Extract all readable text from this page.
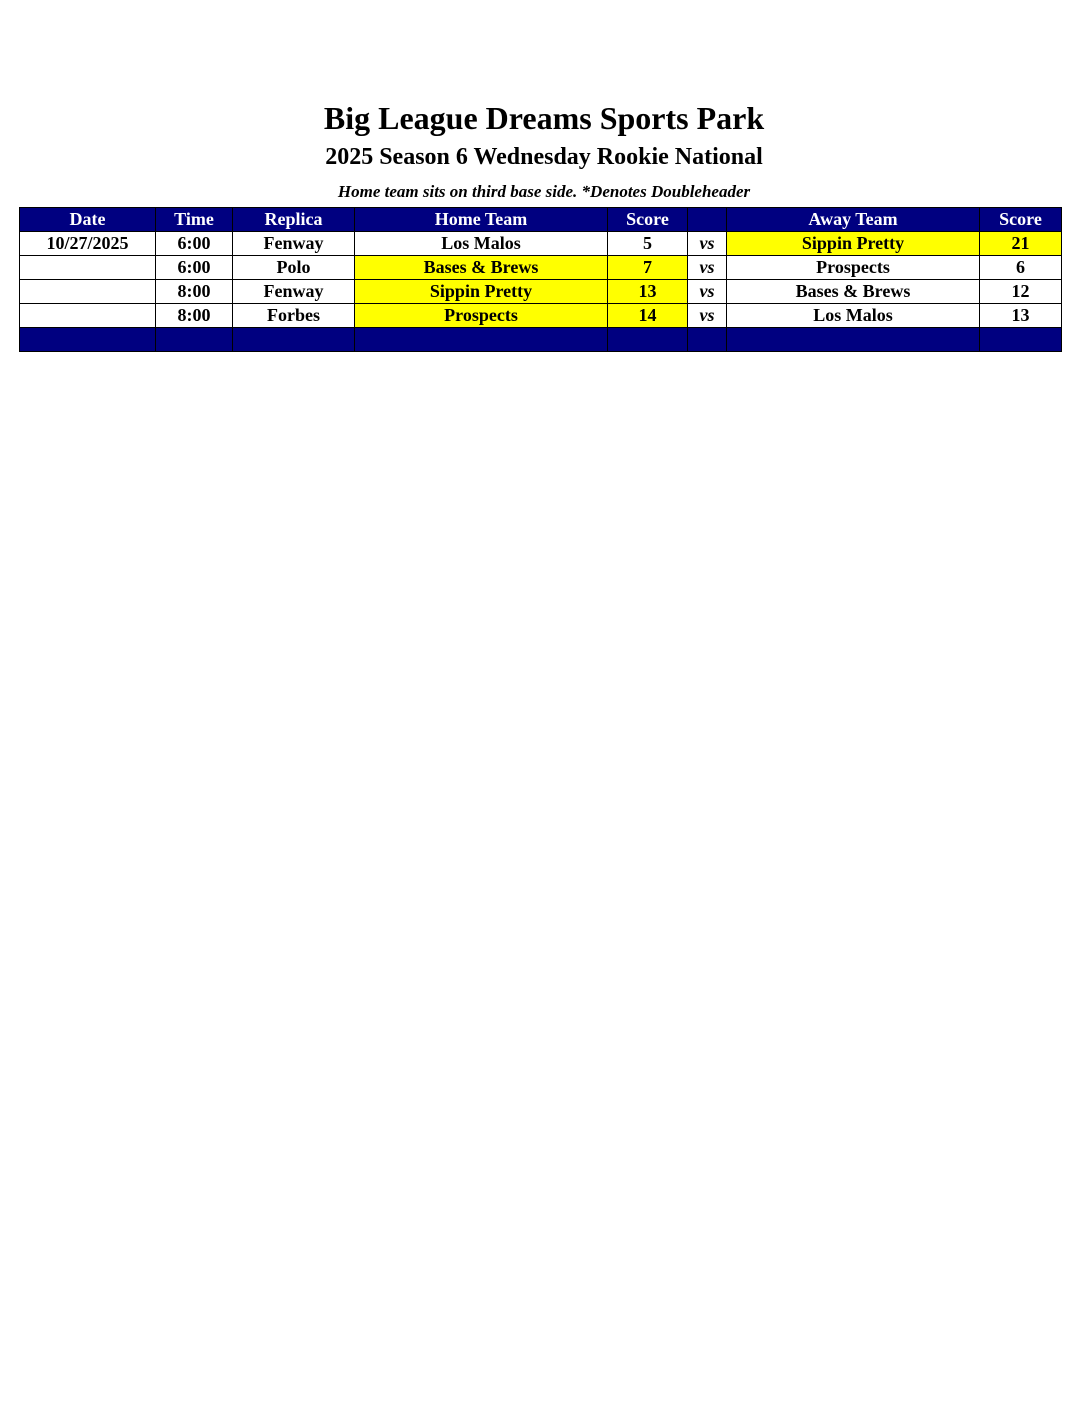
Big League Dreams Sports Park
2025 Season 6 Wednesday Rookie National
Home team sits on third base side. *Denotes Doubleheader
Date	Time	Replica	Home Team	Score		Away Team	Score
10/27/2025	6:00	Fenway	Los Malos	5	vs	Sippin Pretty	21
	6:00	Polo	Bases & Brews	7	vs	Prospects	6
	8:00	Fenway	Sippin Pretty	13	vs	Bases & Brews	12
	8:00	Forbes	Prospects	14	vs	Los Malos	13
